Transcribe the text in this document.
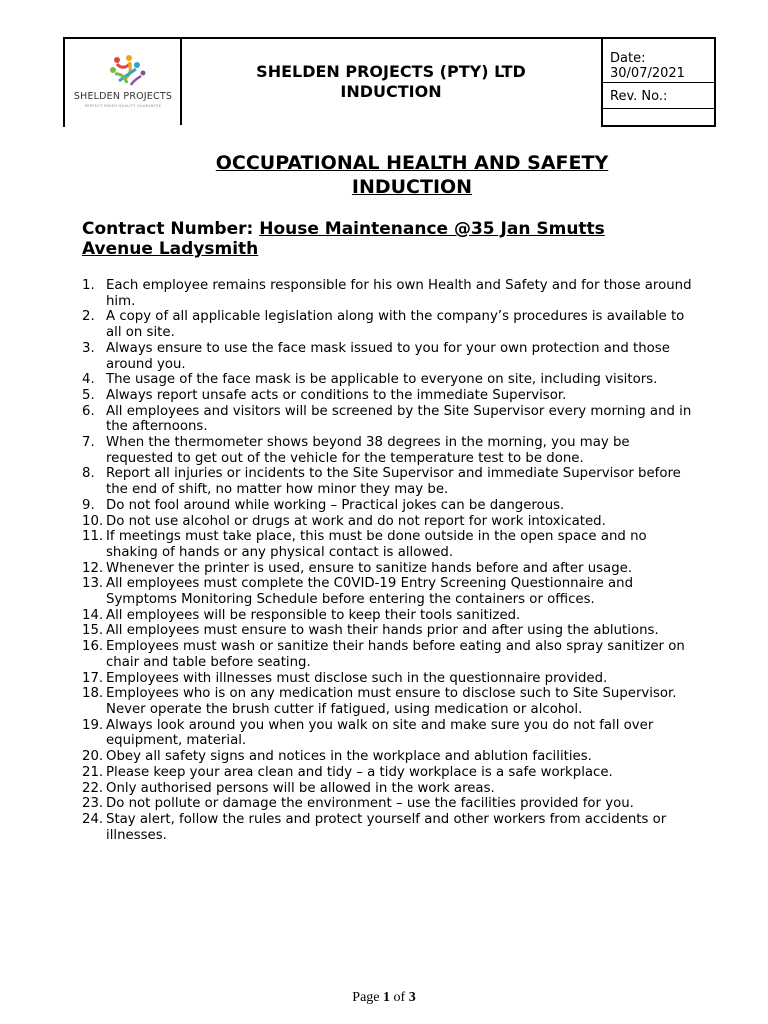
SHELDEN PROJECTS
PERFECT FINISH QUALITY GUARANTEE
SHELDEN PROJECTS (PTY) LTD
INDUCTION
Date:
30/07/2021
Rev. No.:
OCCUPATIONAL HEALTH AND SAFETY
INDUCTION
Contract Number: House Maintenance @35 Jan Smutts
Avenue Ladysmith
1. Each employee remains responsible for his own Health and Safety and for those around him.
2. A copy of all applicable legislation along with the company’s procedures is available to all on site.
3. Always ensure to use the face mask issued to you for your own protection and those around you.
4. The usage of the face mask is be applicable to everyone on site, including visitors.
5. Always report unsafe acts or conditions to the immediate Supervisor.
6. All employees and visitors will be screened by the Site Supervisor every morning and in the afternoons.
7. When the thermometer shows beyond 38 degrees in the morning, you may be requested to get out of the vehicle for the temperature test to be done.
8. Report all injuries or incidents to the Site Supervisor and immediate Supervisor before the end of shift, no matter how minor they may be.
9. Do not fool around while working – Practical jokes can be dangerous.
10. Do not use alcohol or drugs at work and do not report for work intoxicated.
11. If meetings must take place, this must be done outside in the open space and no shaking of hands or any physical contact is allowed.
12. Whenever the printer is used, ensure to sanitize hands before and after usage.
13. All employees must complete the C0VID-19 Entry Screening Questionnaire and Symptoms Monitoring Schedule before entering the containers or offices.
14. All employees will be responsible to keep their tools sanitized.
15. All employees must ensure to wash their hands prior and after using the ablutions.
16. Employees must wash or sanitize their hands before eating and also spray sanitizer on chair and table before seating.
17. Employees with illnesses must disclose such in the questionnaire provided.
18. Employees who is on any medication must ensure to disclose such to Site Supervisor. Never operate the brush cutter if fatigued, using medication or alcohol.
19. Always look around you when you walk on site and make sure you do not fall over equipment, material.
20. Obey all safety signs and notices in the workplace and ablution facilities.
21. Please keep your area clean and tidy – a tidy workplace is a safe workplace.
22. Only authorised persons will be allowed in the work areas.
23. Do not pollute or damage the environment – use the facilities provided for you.
24. Stay alert, follow the rules and protect yourself and other workers from accidents or illnesses.
Page 1 of 3
